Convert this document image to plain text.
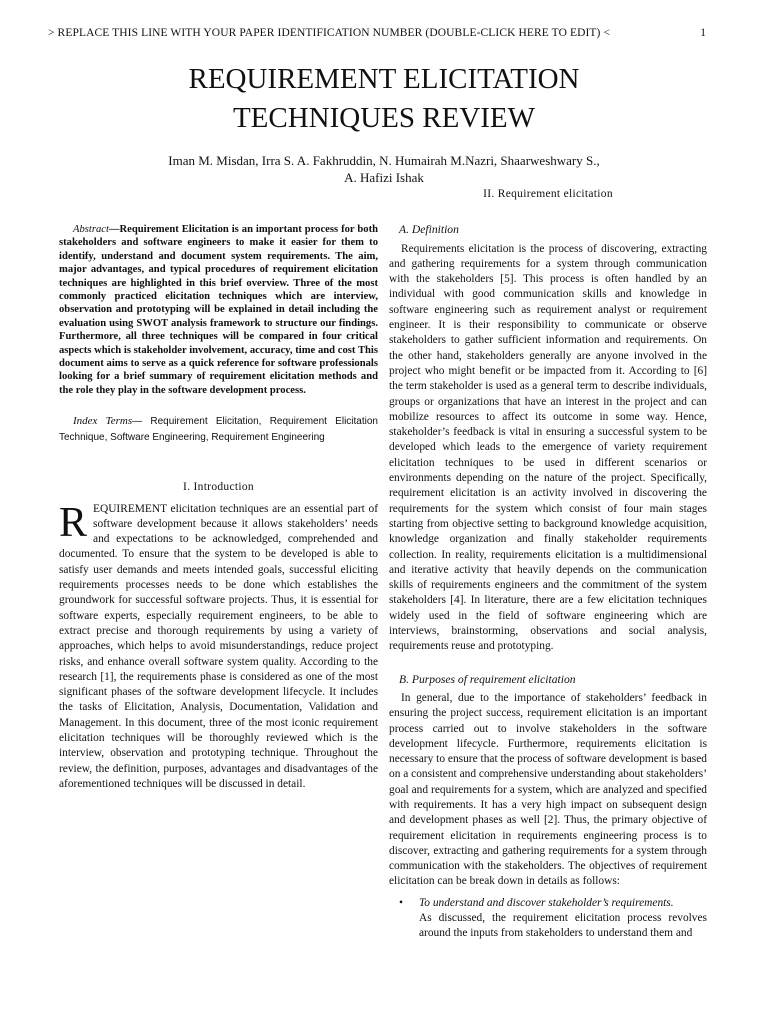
> REPLACE THIS LINE WITH YOUR PAPER IDENTIFICATION NUMBER (DOUBLE-CLICK HERE TO EDIT) <	1
REQUIREMENT ELICITATION
TECHNIQUES REVIEW
Iman M. Misdan, Irra S. A. Fakhruddin, N. Humairah M.Nazri, Shaarweshwary S.,
A. Hafizi Ishak

Abstract—Requirement Elicitation is an important process for both stakeholders and software engineers to make it easier for them to identify, understand and document system requirements. The aim, major advantages, and typical procedures of requirement elicitation techniques are highlighted in this brief overview. Three of the most commonly practiced elicitation techniques which are interview, observation and prototyping will be explained in detail including the evaluation using SWOT analysis framework to structure our findings. Furthermore, all three techniques will be compared in four critical aspects which is stakeholder involvement, accuracy, time and cost This document aims to serve as a quick reference for software professionals looking for a brief summary of requirement elicitation methods and the role they play in the software development process.

Index Terms— Requirement Elicitation, Requirement Elicitation Technique, Software Engineering, Requirement Engineering

I. Introduction

REQUIREMENT elicitation techniques are an essential part of software development because it allows stakeholders’ needs and expectations to be acknowledged, comprehended and documented. To ensure that the system to be developed is able to satisfy user demands and meets intended goals, successful eliciting requirements processes needs to be done which establishes the groundwork for successful software projects. Thus, it is essential for software experts, especially requirement engineers, to be able to extract precise and thorough requirements by using a variety of approaches, which helps to avoid misunderstandings, reduce project risks, and enhance overall software system quality. According to the research [1], the requirements phase is considered as one of the most significant phases of the software development lifecycle. It includes the tasks of Elicitation, Analysis, Documentation, Validation and Management. In this document, three of the most iconic requirement elicitation techniques will be thoroughly reviewed which is the interview, observation and prototyping technique. Throughout the review, the definition, purposes, advantages and disadvantages of the aforementioned techniques will be discussed in detail.

II. Requirement elicitation

A. Definition

Requirements elicitation is the process of discovering, extracting and gathering requirements for a system through communication with the stakeholders [5]. This process is often handled by an individual with good communication skills and knowledge in software engineering such as requirement analyst or requirement engineer. It is their responsibility to communicate or observe stakeholders to gather sufficient information and requirements. On the other hand, stakeholders generally are anyone involved in the project who might benefit or be impacted from it. According to [6] the term stakeholder is used as a general term to describe individuals, groups or organizations that have an interest in the project and can mobilize resources to affect its outcome in some way. Hence, stakeholder’s feedback is vital in ensuring a successful system to be developed which leads to the emergence of variety requirement elicitation techniques to be used in different scenarios or environments depending on the nature of the project. Specifically, requirement elicitation is an activity involved in discovering the requirements for the system which consist of four main stages starting from objective setting to background knowledge acquisition, knowledge organization and finally stakeholder requirements collection. In reality, requirements elicitation is a multidimensional and iterative activity that heavily depends on the communication skills of requirements engineers and the commitment of the system stakeholders [4]. In literature, there are a few elicitation techniques widely used in the field of software engineering which are interviews, brainstorming, observations and social analysis, requirements reuse and prototyping.

B. Purposes of requirement elicitation

In general, due to the importance of stakeholders’ feedback in ensuring the project success, requirement elicitation is an important process carried out to involve stakeholders in the software development lifecycle. Furthermore, requirements elicitation is necessary to ensure that the process of software development is based on a consistent and comprehensive understanding about stakeholders’ goal and requirements for a system, which are analyzed and specified with requirements. It has a very high impact on subsequent design and development phases as well [2]. Thus, the primary objective of requirement elicitation in requirements engineering process is to discover, extracting and gathering requirements for a system through communication with the stakeholders. The objectives of requirement elicitation can be break down in details as follows:

• To understand and discover stakeholder’s requirements.

As discussed, the requirement elicitation process revolves around the inputs from stakeholders to understand them and
